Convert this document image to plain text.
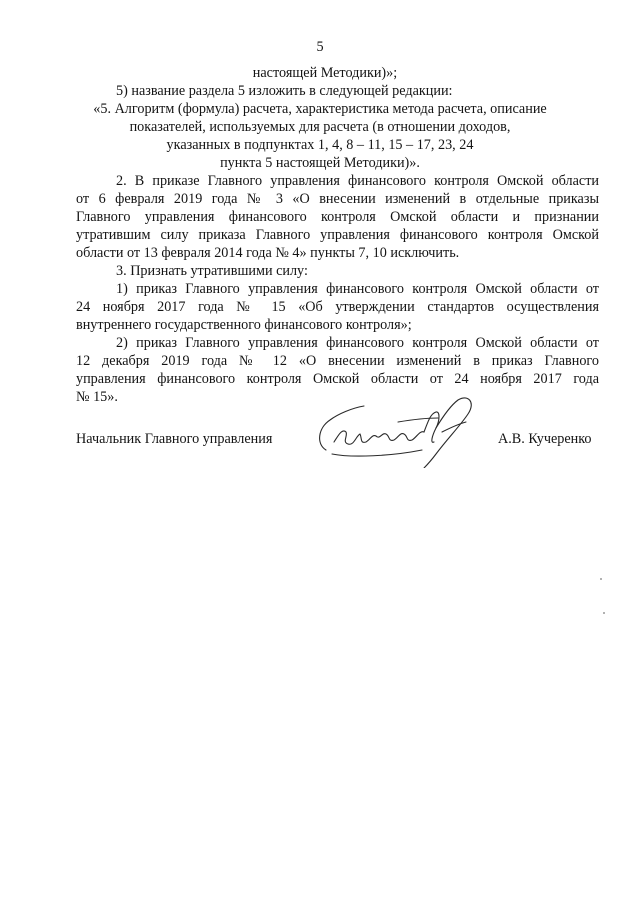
5
настоящей Методики)»;
5) название раздела 5 изложить в следующей редакции:
«5. Алгоритм (формула) расчета, характеристика метода расчета, описание
показателей, используемых для расчета (в отношении доходов,
указанных в подпунктах 1, 4, 8 – 11, 15 – 17, 23, 24
пункта 5 настоящей Методики)».
2. В приказе Главного управления финансового контроля Омской области
от 6 февраля 2019 года № 3 «О внесении изменений в отдельные приказы
Главного управления финансового контроля Омской области и признании
утратившим силу приказа Главного управления финансового контроля Омской
области от 13 февраля 2014 года № 4» пункты 7, 10 исключить.
3. Признать утратившими силу:
1) приказ Главного управления финансового контроля Омской области от
24 ноября 2017 года № 15 «Об утверждении стандартов осуществления
внутреннего государственного финансового контроля»;
2) приказ Главного управления финансового контроля Омской области от
12 декабря 2019 года № 12 «О внесении изменений в приказ Главного
управления финансового контроля Омской области от 24 ноября 2017 года
№ 15».
Начальник Главного управления	А.В. Кучеренко
